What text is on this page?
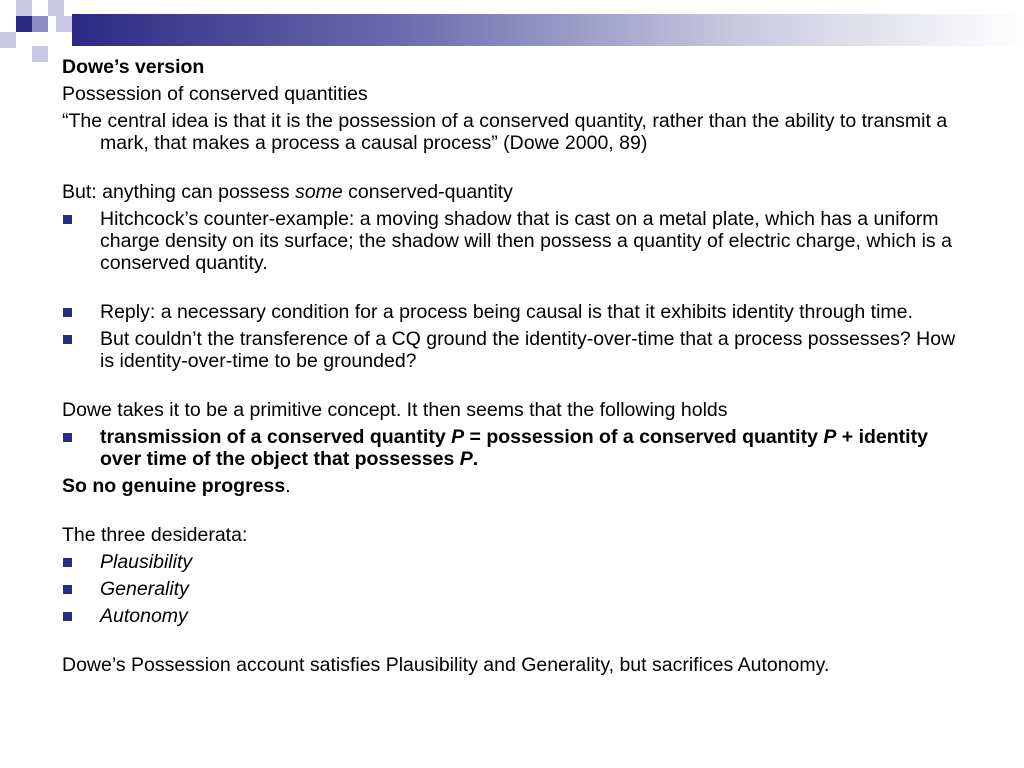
Dowe’s version

Possession of conserved quantities

“The central idea is that it is the possession of a conserved quantity, rather than the ability to transmit a mark, that makes a process a causal process” (Dowe 2000, 89)

But: anything can possess some conserved-quantity

Hitchcock’s counter-example: a moving shadow that is cast on a metal plate, which has a uniform charge density on its surface; the shadow will then possess a quantity of electric charge, which is a conserved quantity.
Reply: a necessary condition for a process being causal is that it exhibits identity through time.
But couldn’t the transference of a CQ ground the identity-over-time that a process possesses? How is identity-over-time to be grounded?

Dowe takes it to be a primitive concept. It then seems that the following holds

transmission of a conserved quantity P = possession of a conserved quantity P + identity over time of the object that possesses P.

So no genuine progress.

The three desiderata:

Plausibility
Generality
Autonomy

Dowe’s Possession account satisfies Plausibility and Generality, but sacrifices Autonomy.
